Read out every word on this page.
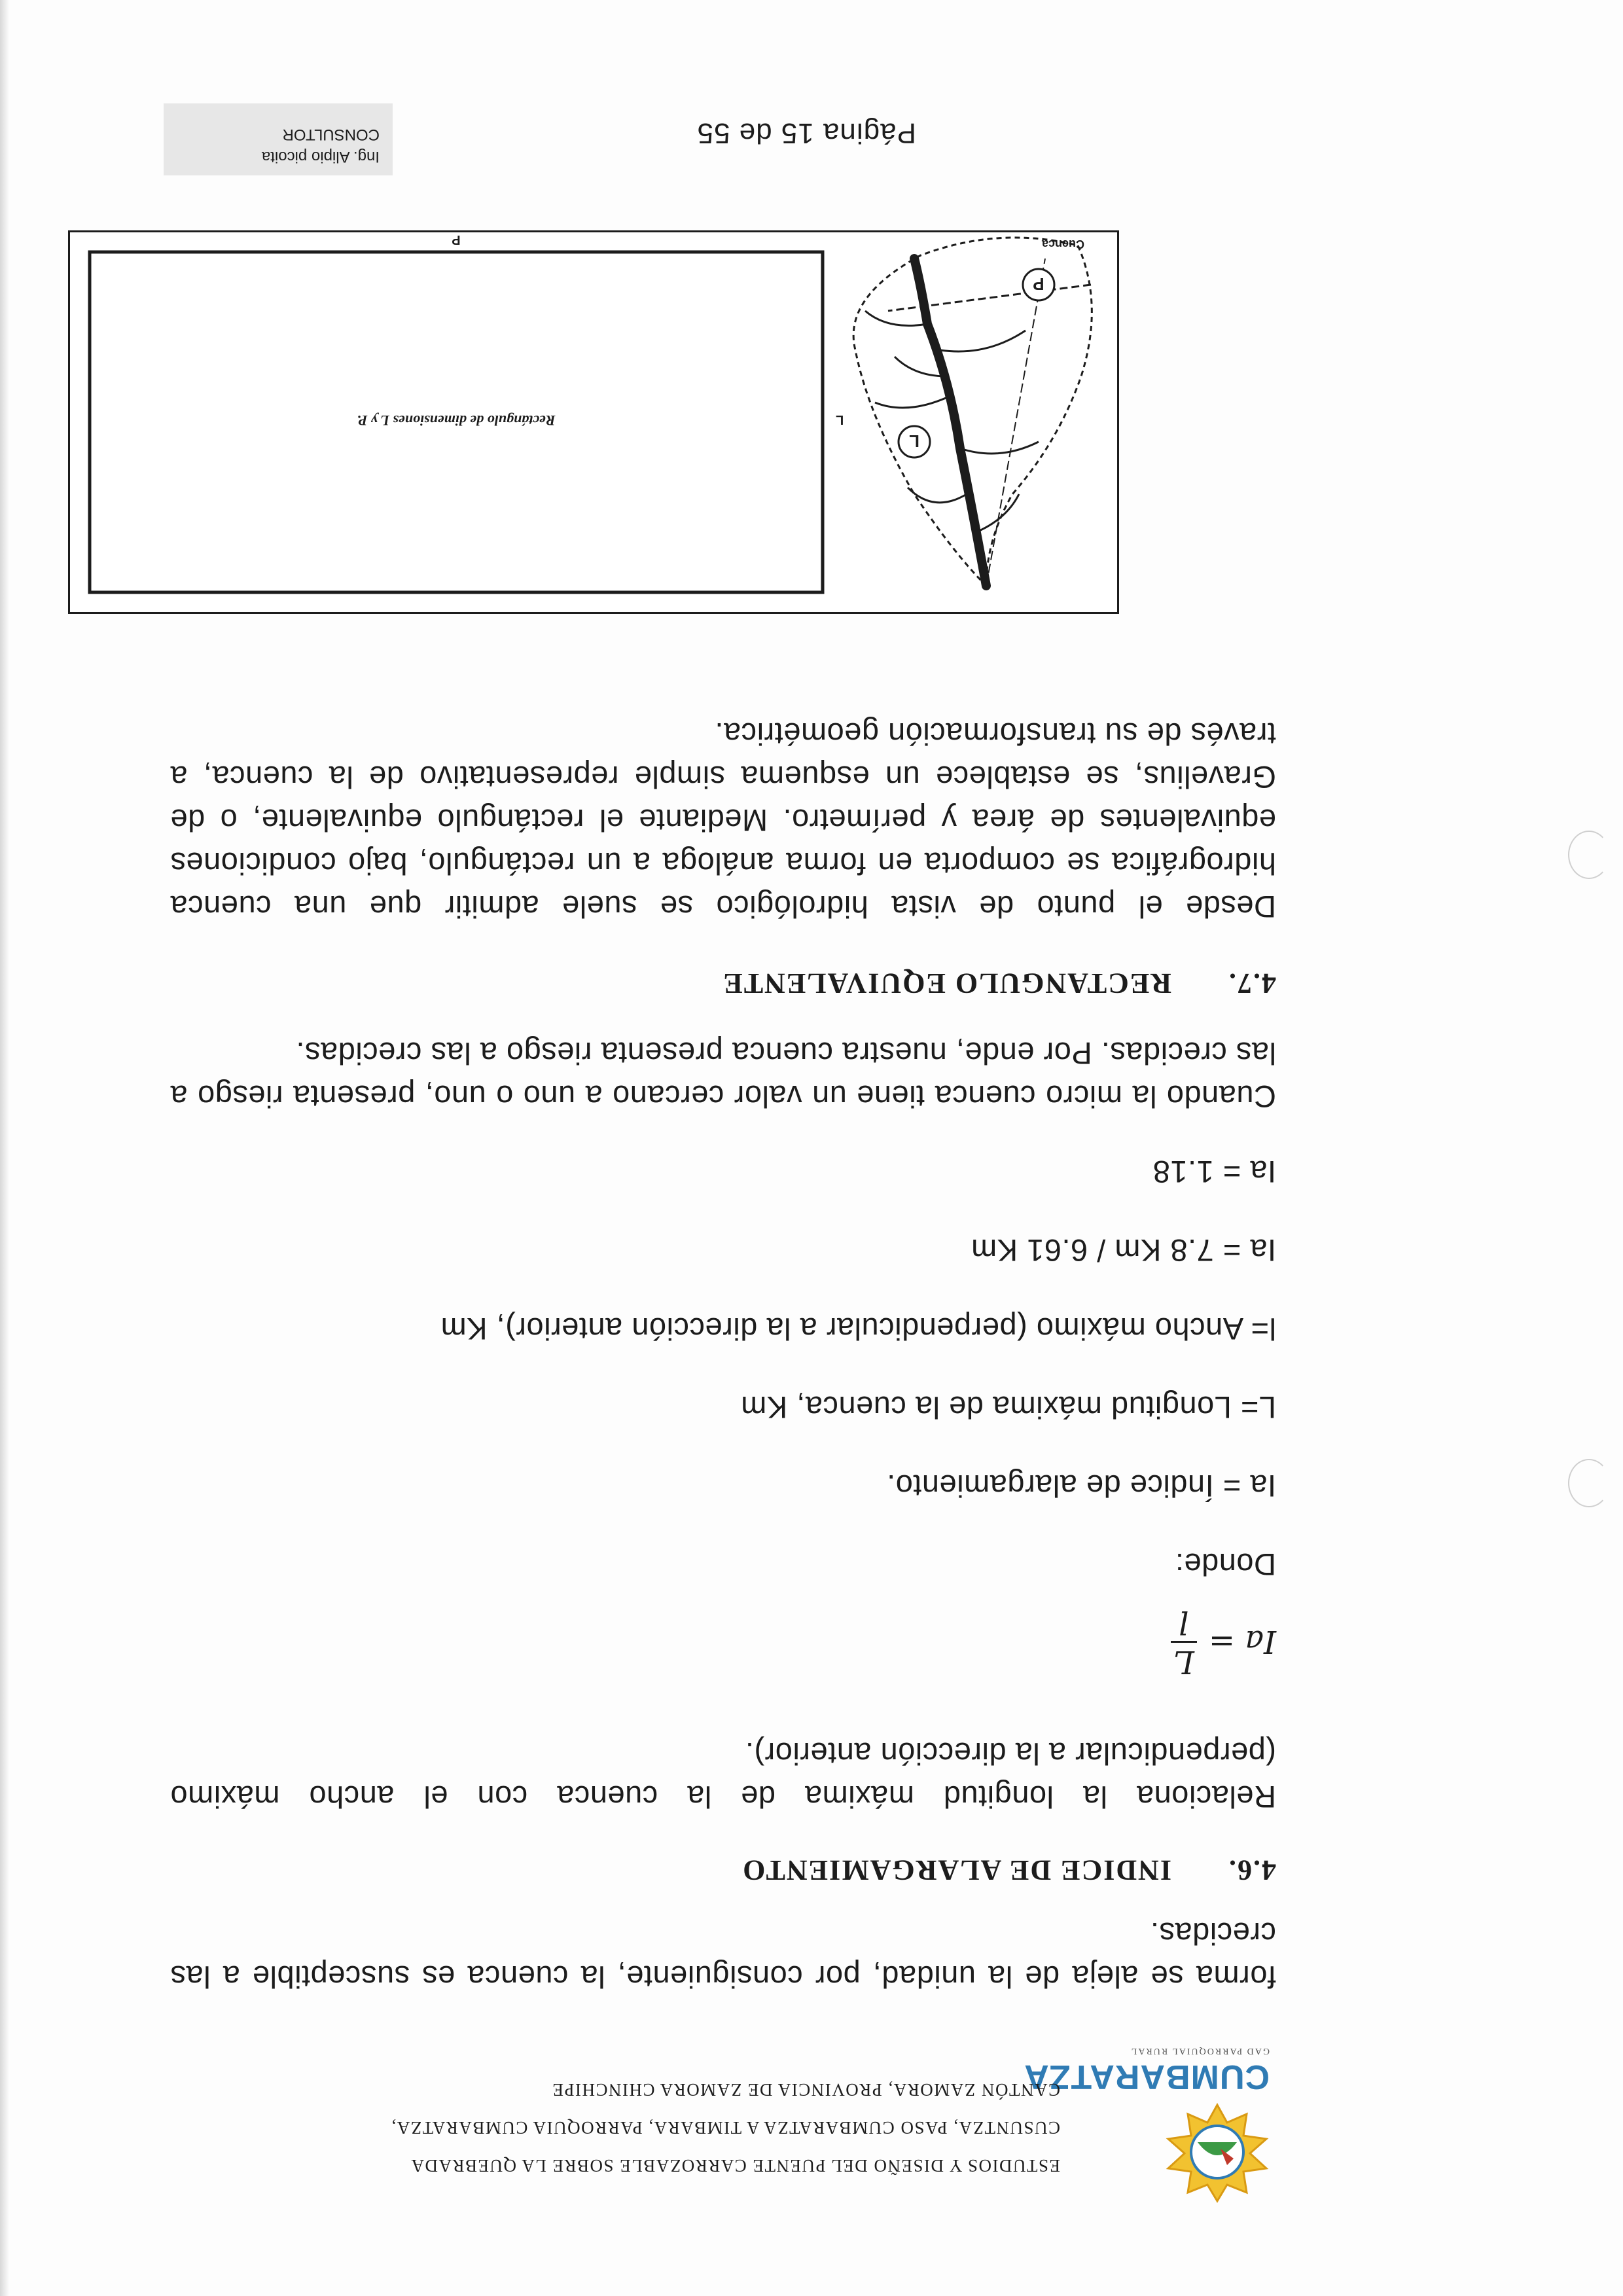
CUMBARATZA
GAD PARROQUIAL RURAL
ESTUDIOS Y DISEÑO DEL PUENTE CARROZABLE SOBRE LA QUEBRADA
CUSUNTZA, PASO CUMBARATZA A TIMBARA, PARROQUIA CUMBARATZA,
CANTÓN ZAMORA, PROVINCIA DE ZAMORA CHINCHIPE
forma se aleja de la unidad, por consiguiente, la cuenca es susceptible a las crecidas.
4.6.INDICE DE ALARGAMIENTO
Relaciona la longitud máxima de la cuenca con el ancho máximo (perpendicular a la dirección anterior).
Ia =
L
l
Donde:
Ia = Índice de alargamiento.
L= Longitud máxima de la cuenca, Km
l= Ancho máximo (perpendicular a la dirección anterior), Km
Ia = 7.8 Km / 6.61 Km
Ia = 1.18
Cuando la micro cuenca tiene un valor cercano a uno o uno, presenta riesgo a las crecidas. Por ende, nuestra cuenca presenta riesgo a las crecidas.
4.7.RECTANGULO EQUIVALENTE
Desde el punto de vista hidrológico se suele admitir que una cuenca hidrográfica se comporta en forma análoga a un rectángulo, bajo condiciones equivalentes de área y perímetro. Mediante el rectángulo equivalente, o de Gravelius, se establece un esquema simple representativo de la cuenca, a través de su transformación geométrica.
P
L
Cuenca
Rectángulo de dimensiones L y P.	L
P
Página 15 de 55
Ing. Alipio picoita
CONSULTOR
